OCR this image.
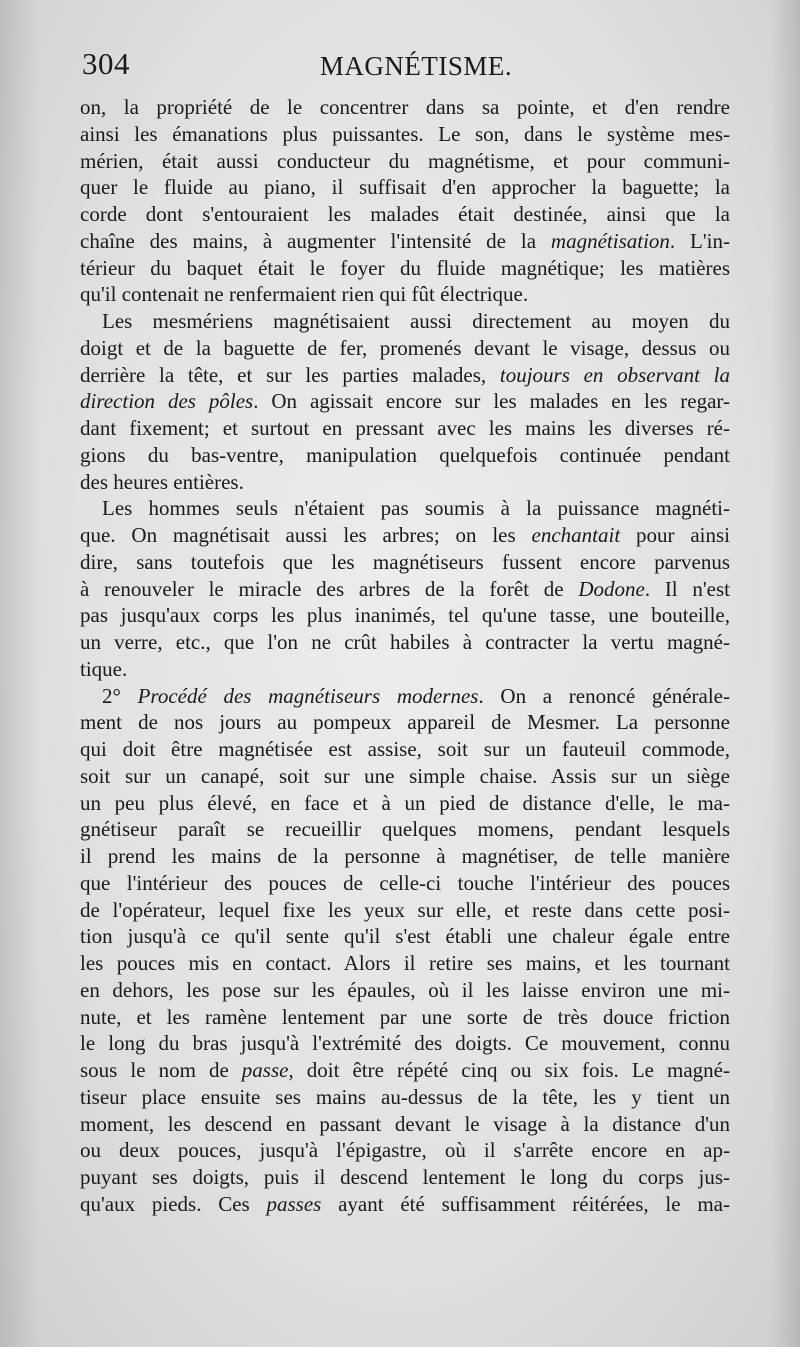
304	MAGNÉTISME.
on, la propriété de le concentrer dans sa pointe, et d'en rendre
ainsi les émanations plus puissantes. Le son, dans le système mes-
mérien, était aussi conducteur du magnétisme, et pour communi-
quer le fluide au piano, il suffisait d'en approcher la baguette; la
corde dont s'entouraient les malades était destinée, ainsi que la
chaîne des mains, à augmenter l'intensité de la magnétisation. L'in-
térieur du baquet était le foyer du fluide magnétique; les matières
qu'il contenait ne renfermaient rien qui fût électrique.
Les mesmériens magnétisaient aussi directement au moyen du
doigt et de la baguette de fer, promenés devant le visage, dessus ou
derrière la tête, et sur les parties malades, toujours en observant la
direction des pôles. On agissait encore sur les malades en les regar-
dant fixement; et surtout en pressant avec les mains les diverses ré-
gions du bas-ventre, manipulation quelquefois continuée pendant
des heures entières.
Les hommes seuls n'étaient pas soumis à la puissance magnéti-
que. On magnétisait aussi les arbres; on les enchantait pour ainsi
dire, sans toutefois que les magnétiseurs fussent encore parvenus
à renouveler le miracle des arbres de la forêt de Dodone. Il n'est
pas jusqu'aux corps les plus inanimés, tel qu'une tasse, une bouteille,
un verre, etc., que l'on ne crût habiles à contracter la vertu magné-
tique.
2° Procédé des magnétiseurs modernes. On a renoncé générale-
ment de nos jours au pompeux appareil de Mesmer. La personne
qui doit être magnétisée est assise, soit sur un fauteuil commode,
soit sur un canapé, soit sur une simple chaise. Assis sur un siège
un peu plus élevé, en face et à un pied de distance d'elle, le ma-
gnétiseur paraît se recueillir quelques momens, pendant lesquels
il prend les mains de la personne à magnétiser, de telle manière
que l'intérieur des pouces de celle-ci touche l'intérieur des pouces
de l'opérateur, lequel fixe les yeux sur elle, et reste dans cette posi-
tion jusqu'à ce qu'il sente qu'il s'est établi une chaleur égale entre
les pouces mis en contact. Alors il retire ses mains, et les tournant
en dehors, les pose sur les épaules, où il les laisse environ une mi-
nute, et les ramène lentement par une sorte de très douce friction
le long du bras jusqu'à l'extrémité des doigts. Ce mouvement, connu
sous le nom de passe, doit être répété cinq ou six fois. Le magné-
tiseur place ensuite ses mains au-dessus de la tête, les y tient un
moment, les descend en passant devant le visage à la distance d'un
ou deux pouces, jusqu'à l'épigastre, où il s'arrête encore en ap-
puyant ses doigts, puis il descend lentement le long du corps jus-
qu'aux pieds. Ces passes ayant été suffisamment réitérées, le ma-
